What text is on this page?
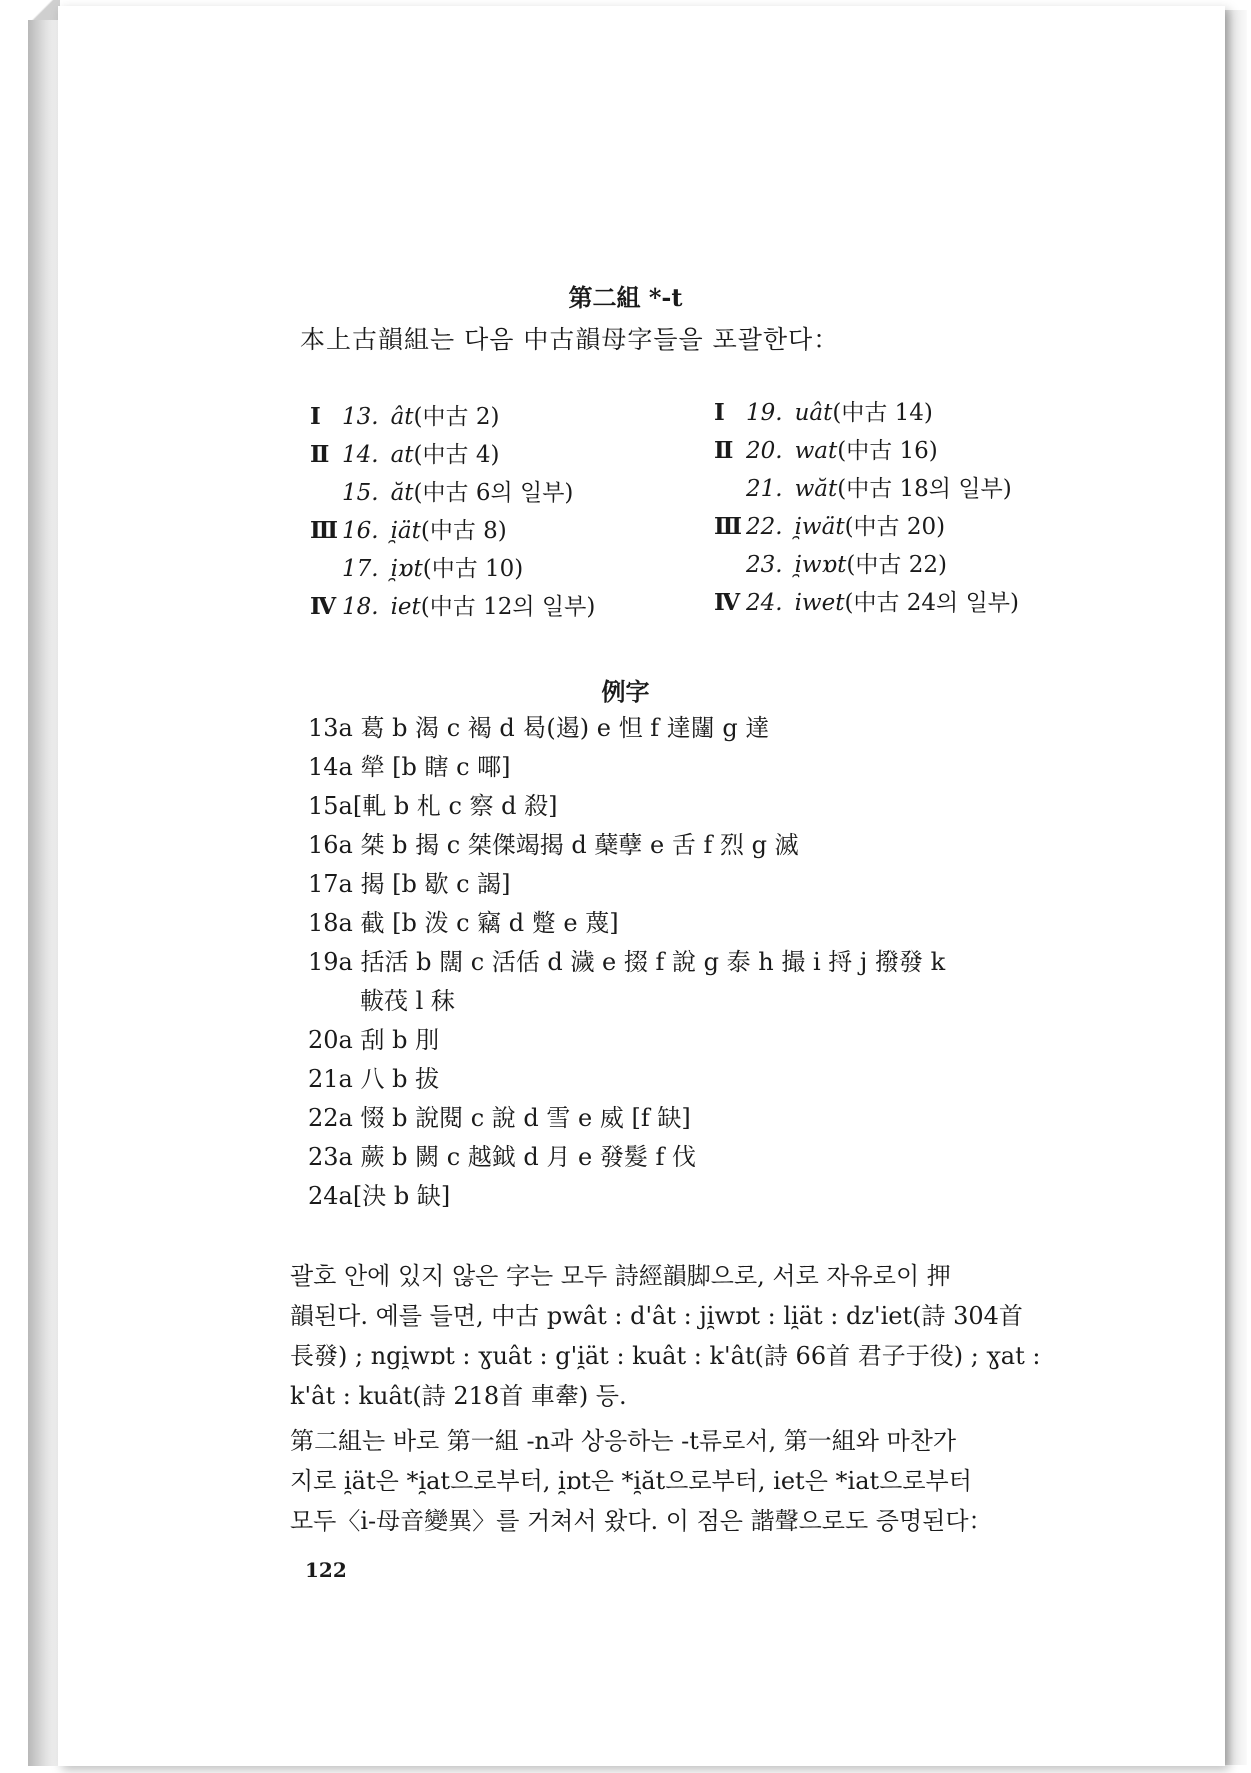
第二組 *-t
本上古韻組는 다음 中古韻母字들을 포괄한다：
Ⅰ 13. ât(中古 2)
Ⅱ 14. at(中古 4)
15. ăt(中古 6의 일부)
Ⅲ 16. i̯ät(中古 8)
17. i̯ɒt(中古 10)
Ⅳ 18. iet(中古 12의 일부)
Ⅰ 19. uât(中古 14)
Ⅱ 20. wat(中古 16)
21. wăt(中古 18의 일부)
Ⅲ 22. i̯wät(中古 20)
23. i̯wɒt(中古 22)
Ⅳ 24. iwet(中古 24의 일부)
例字
13a 葛 b 渴 c 褐 d 曷(遏) e 怛 f 達闥 g 達
14a 犖 [b 瞎 c 㖿]
15a[軋 b 札 c 察 d 殺]
16a 桀 b 揭 c 桀傑竭揭 d 蘖孽 e 舌 f 烈 g 滅
17a 揭 [b 歇 c 謁]
18a 截 [b 泼 c 竊 d 蹩 e 蔑]
19a 括活 b 闊 c 活佸 d 濊 e 掇 f 說 g 泰 h 撮 i 捋 j 撥發 k
軷茷 l 秣
20a 刮 b 刖
21a 八 b 拔
22a 惙 b 說閱 c 說 d 雪 e 威 [f 缺]
23a 蕨 b 闕 c 越鉞 d 月 e 發髮 f 伐
24a[決 b 缺]
괄호 안에 있지 않은 字는 모두 詩經韻脚으로, 서로 자유로이 押
韻된다. 예를 들면, 中古 pwât : d'ât : ji̯wɒt : li̯ät : dz'iet(詩 304首
長發) ; ngi̯wɒt : ɣuât : g'i̯ät : kuât : k'ât(詩 66首 君子于役) ; ɣat :
k'ât : kuât(詩 218首 車舝) 등.
第二組는 바로 第一組 -n과 상응하는 -t류로서, 第一組와 마찬가
지로 i̯ät은 *i̯at으로부터, i̯ɒt은 *i̯ăt으로부터, iet은 *iat으로부터
모두〈i-母音變異〉를 거쳐서 왔다. 이 점은 諧聲으로도 증명된다：
122
